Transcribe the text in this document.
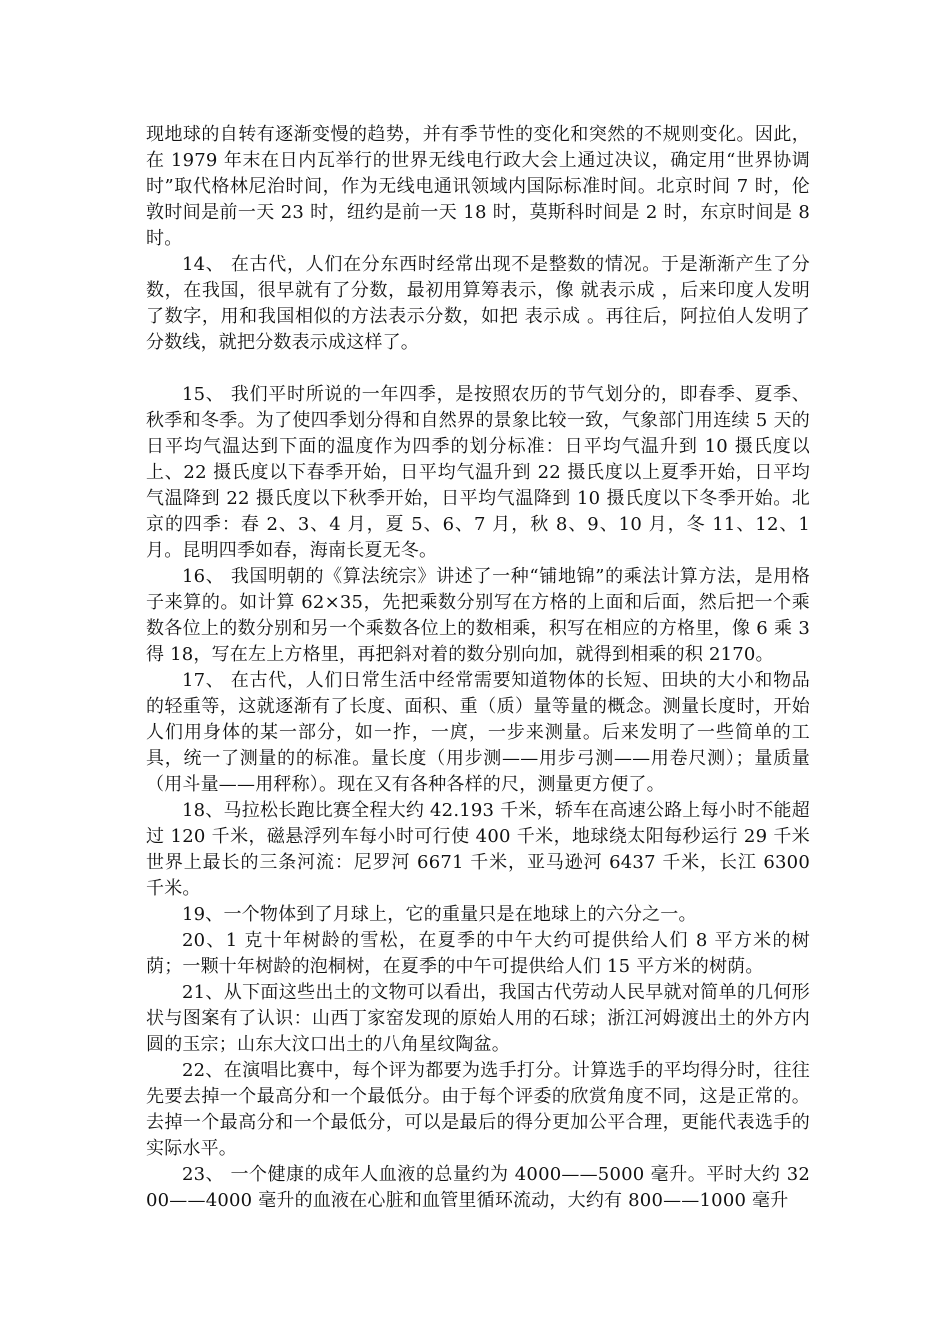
现地球的自转有逐渐变慢的趋势，并有季节性的变化和突然的不规则变化。因此，在 1979 年末在日内瓦举行的世界无线电行政大会上通过决议，确定用“世界协调时”取代格林尼治时间，作为无线电通讯领域内国际标准时间。北京时间 7 时，伦敦时间是前一天 23 时，纽约是前一天 18 时，莫斯科时间是 2 时，东京时间是 8 时。

14、 在古代，人们在分东西时经常出现不是整数的情况。于是渐渐产生了分数，在我国，很早就有了分数，最初用算筹表示，像 就表示成 ，后来印度人发明了数字，用和我国相似的方法表示分数，如把 表示成 。再往后，阿拉伯人发明了分数线，就把分数表示成这样了。

15、 我们平时所说的一年四季，是按照农历的节气划分的，即春季、夏季、秋季和冬季。为了使四季划分得和自然界的景象比较一致，气象部门用连续 5 天的日平均气温达到下面的温度作为四季的划分标准：日平均气温升到 10 摄氏度以上、22 摄氏度以下春季开始，日平均气温升到 22 摄氏度以上夏季开始，日平均气温降到 22 摄氏度以下秋季开始，日平均气温降到 10 摄氏度以下冬季开始。北京的四季：春 2、3、4 月，夏 5、6、7 月，秋 8、9、10 月，冬 11、12、1 月。昆明四季如春，海南长夏无冬。

16、 我国明朝的《算法统宗》讲述了一种“铺地锦”的乘法计算方法，是用格子来算的。如计算 62×35，先把乘数分别写在方格的上面和后面，然后把一个乘数各位上的数分别和另一个乘数各位上的数相乘，积写在相应的方格里，像 6 乘 3 得 18，写在左上方格里，再把斜对着的数分别向加，就得到相乘的积 2170。

17、 在古代，人们日常生活中经常需要知道物体的长短、田块的大小和物品的轻重等，这就逐渐有了长度、面积、重（质）量等量的概念。测量长度时，开始人们用身体的某一部分，如一拃，一庹，一步来测量。后来发明了一些简单的工具，统一了测量的的标准。量长度（用步测——用步弓测——用卷尺测）；量质量（用斗量——用秤称）。现在又有各种各样的尺，测量更方便了。

18、马拉松长跑比赛全程大约 42.193 千米，轿车在高速公路上每小时不能超过 120 千米，磁悬浮列车每小时可行使 400 千米，地球绕太阳每秒运行 29 千米世界上最长的三条河流：尼罗河 6671 千米，亚马逊河 6437 千米，长江 6300 千米。

19、一个物体到了月球上，它的重量只是在地球上的六分之一。

20、1 克十年树龄的雪松，在夏季的中午大约可提供给人们 8 平方米的树荫；一颗十年树龄的泡桐树，在夏季的中午可提供给人们 15 平方米的树荫。

21、从下面这些出土的文物可以看出，我国古代劳动人民早就对简单的几何形状与图案有了认识：山西丁家窑发现的原始人用的石球；浙江河姆渡出土的外方内圆的玉宗；山东大汶口出土的八角星纹陶盆。

22、在演唱比赛中，每个评为都要为选手打分。计算选手的平均得分时，往往先要去掉一个最高分和一个最低分。由于每个评委的欣赏角度不同，这是正常的。去掉一个最高分和一个最低分，可以是最后的得分更加公平合理，更能代表选手的实际水平。

23、 一个健康的成年人血液的总量约为 4000——5000 毫升。平时大约 3200——4000 毫升的血液在心脏和血管里循环流动，大约有 800——1000 毫升
